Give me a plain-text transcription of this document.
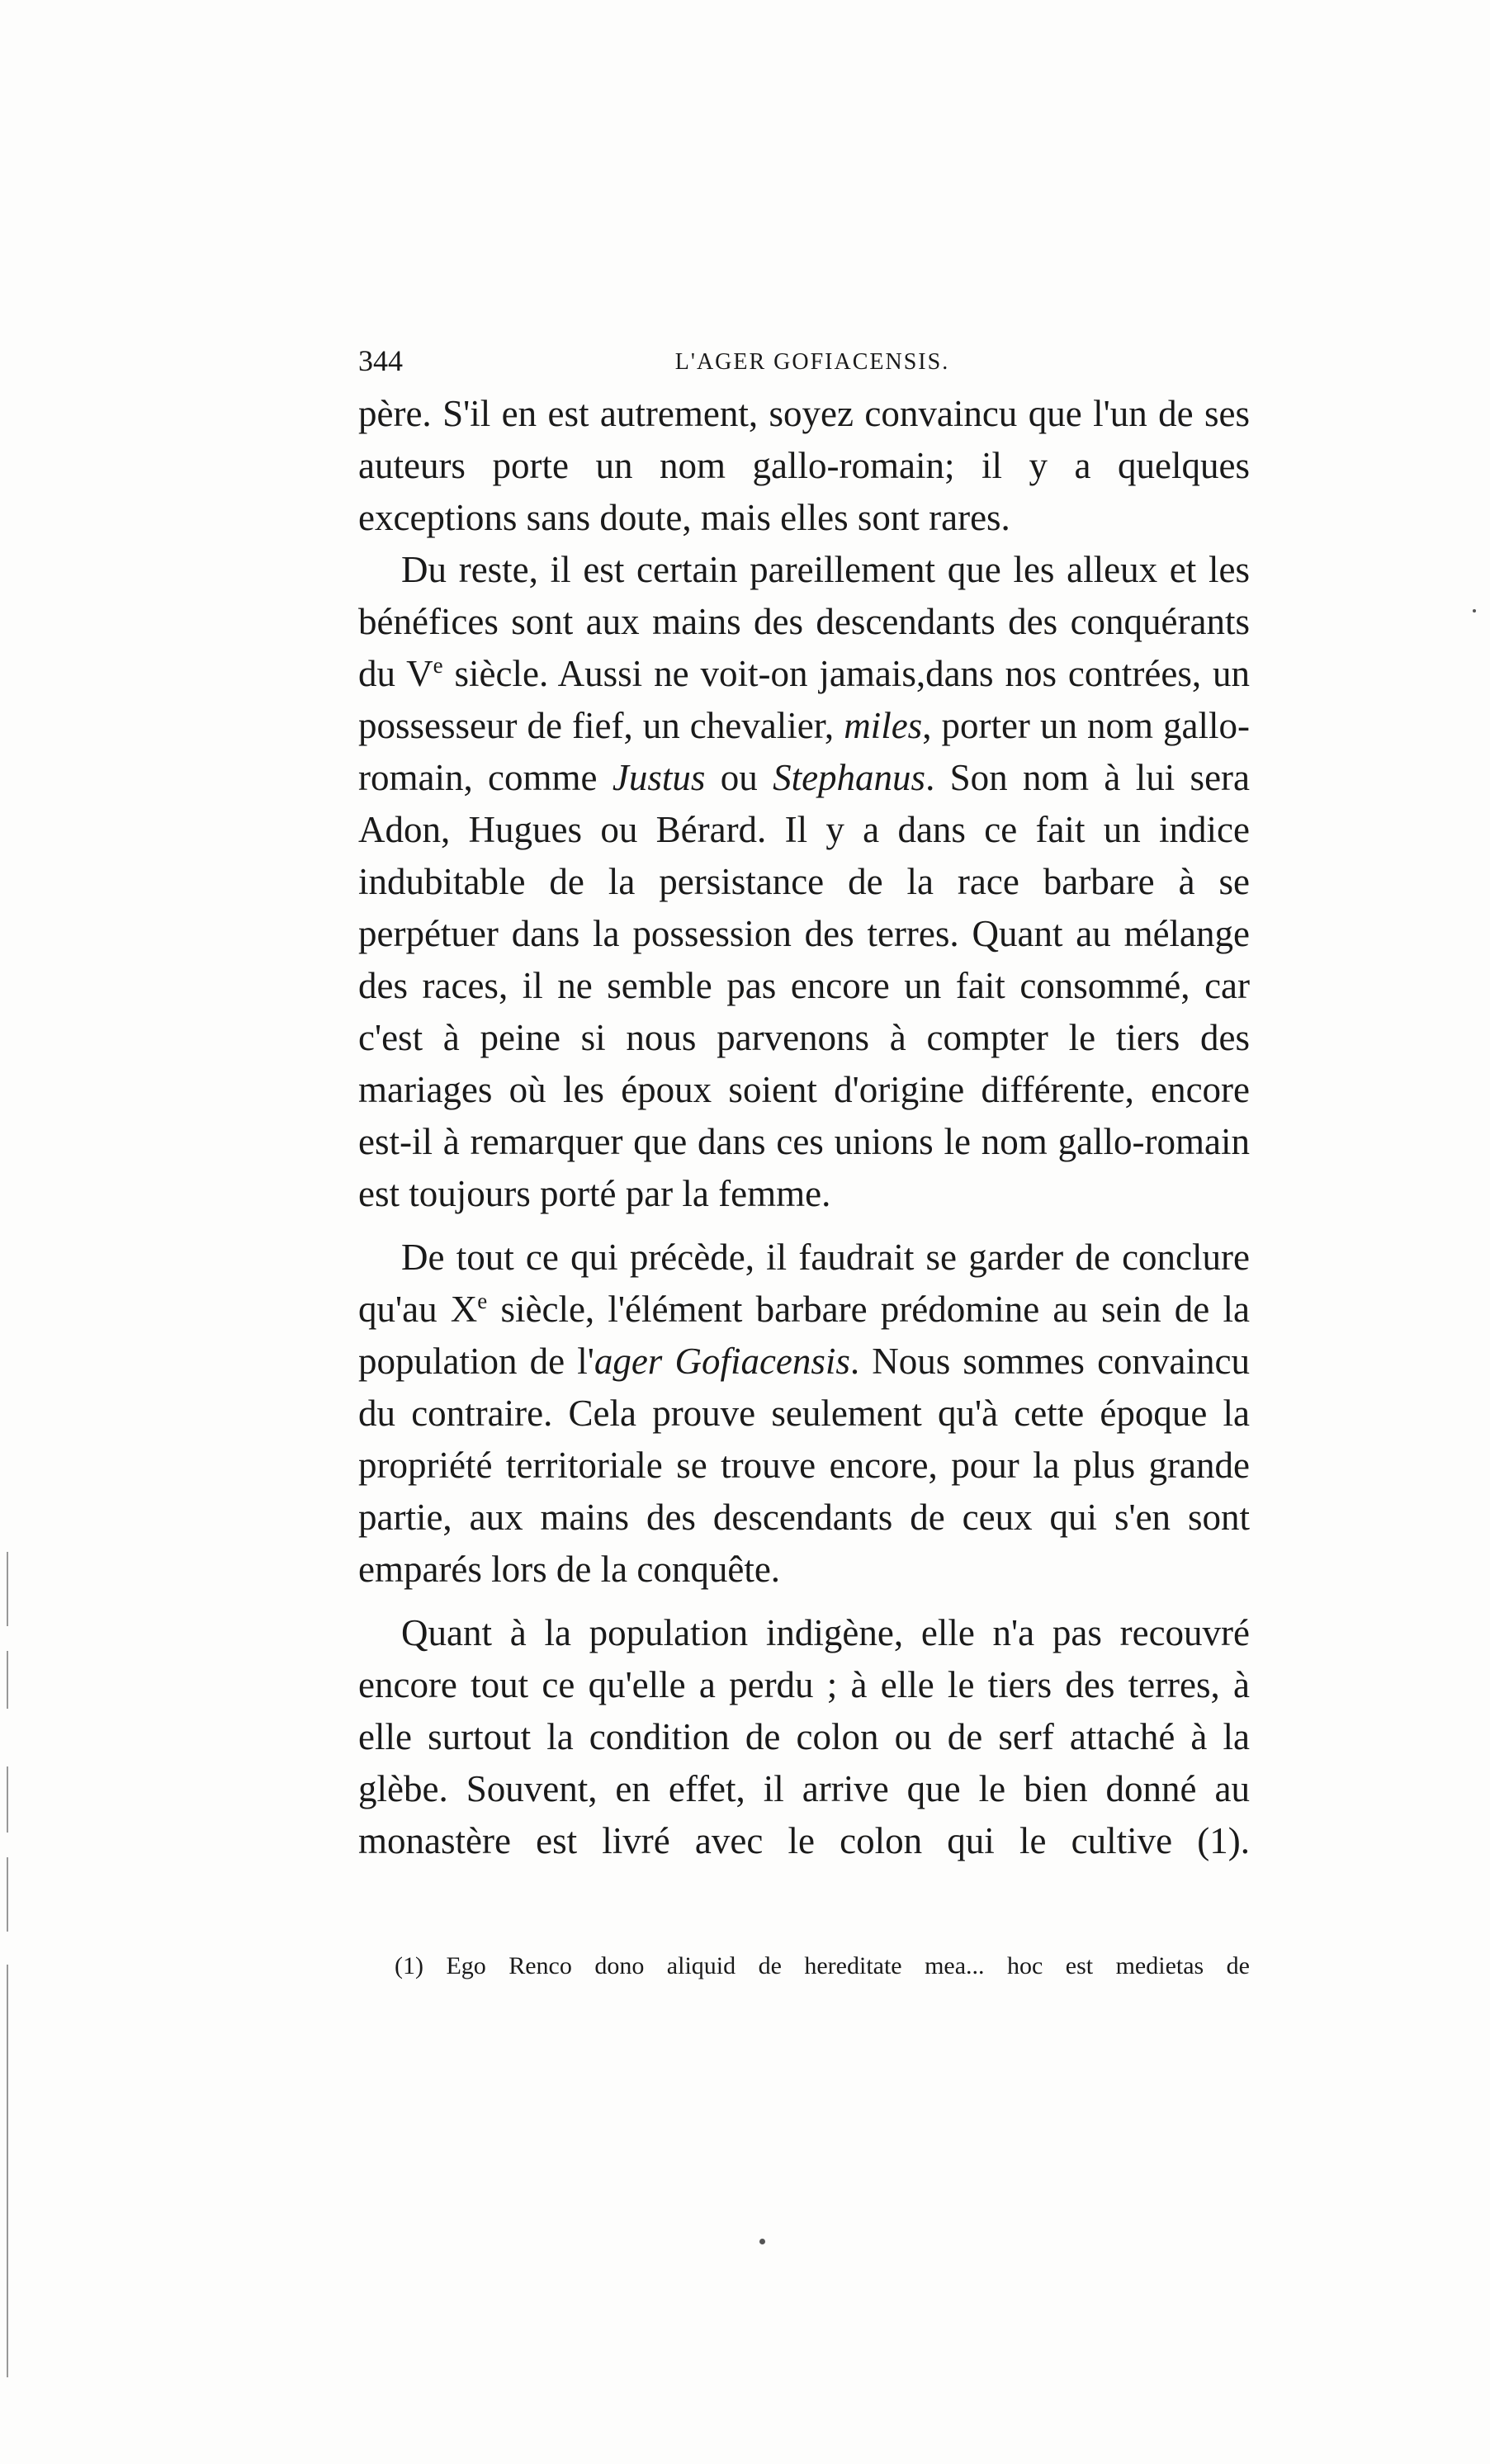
344	L'AGER GOFIACENSIS.

père. S'il en est autrement, soyez convaincu que l'un de ses auteurs porte un nom gallo-romain; il y a quelques exceptions sans doute, mais elles sont rares.

Du reste, il est certain pareillement que les alleux et les bénéfices sont aux mains des descendants des conquérants du Ve siècle. Aussi ne voit-on jamais,dans nos contrées, un possesseur de fief, un chevalier, miles, porter un nom gallo-romain, comme Justus ou Stephanus. Son nom à lui sera Adon, Hugues ou Bérard. Il y a dans ce fait un indice indubitable de la persistance de la race barbare à se perpétuer dans la possession des terres. Quant au mélange des races, il ne semble pas encore un fait consommé, car c'est à peine si nous parvenons à compter le tiers des mariages où les époux soient d'origine différente, encore est-il à remarquer que dans ces unions le nom gallo-romain est toujours porté par la femme.

De tout ce qui précède, il faudrait se garder de conclure qu'au Xe siècle, l'élément barbare prédomine au sein de la population de l'ager Gofiacensis. Nous sommes convaincu du contraire. Cela prouve seulement qu'à cette époque la propriété territoriale se trouve encore, pour la plus grande partie, aux mains des descendants de ceux qui s'en sont emparés lors de la conquête.

Quant à la population indigène, elle n'a pas recouvré encore tout ce qu'elle a perdu ; à elle le tiers des terres, à elle surtout la condition de colon ou de serf attaché à la glèbe. Souvent, en effet, il arrive que le bien donné au monastère est livré avec le colon qui le cultive (1).

(1) Ego Renco dono aliquid de hereditate mea... hoc est medietas de
